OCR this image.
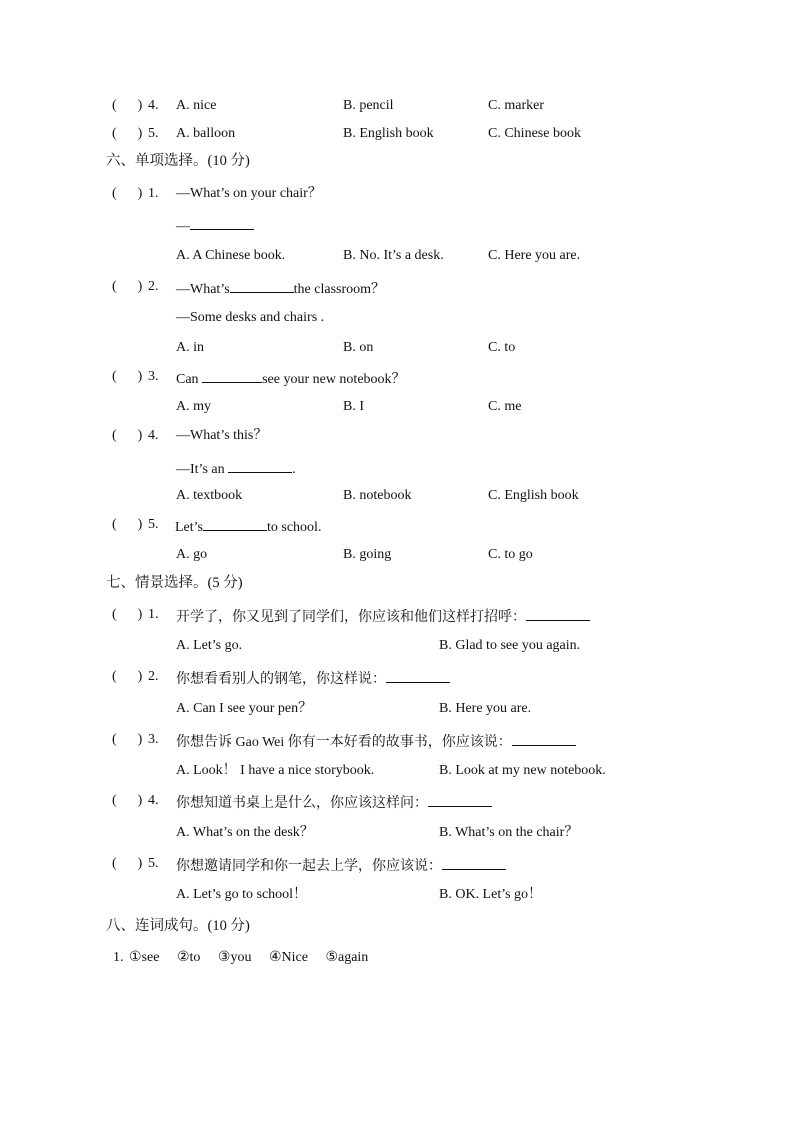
( ) 4. A. nice	B. pencil	C. marker
( ) 5. A. balloon	B. English book	C. Chinese book
六、单项选择。(10 分)
(      ) 1. —What’s on your chair？
—
A. A Chinese book.	B. No. It’s a desk.	C. Here you are.
(      ) 2. —What’s	the classroom？
—Some desks and chairs .
A. in	B. on	C. to
(      ) 3. Can	see your new notebook？
A. my	B. I	C. me
(      ) 4. —What’s this？
—It’s an	.
A. textbook	B. notebook	C. English book
(      ) 5. Let’s	to school.
A. go	B. going	C. to go
七、情景选择。(5 分)
(      ) 1. 开学了，你又见到了同学们，你应该和他们这样打招呼：
A. Let’s go.	B. Glad to see you again.
(      ) 2. 你想看看别人的钢笔，你这样说：
A. Can I see your pen？	B. Here you are.
(      ) 3. 你想告诉 Gao Wei 你有一本好看的故事书，你应该说：
A. Look！ I have a nice storybook.	B. Look at my new notebook.
(      ) 4. 你想知道书桌上是什么，你应该这样问：
A. What’s on the desk？	B. What’s on the chair？
(      ) 5. 你想邀请同学和你一起去上学，你应该说：
A. Let’s go to school！	B. OK. Let’s go！
八、连词成句。(10 分)
1. ①see ②to ③you ④Nice ⑤again
